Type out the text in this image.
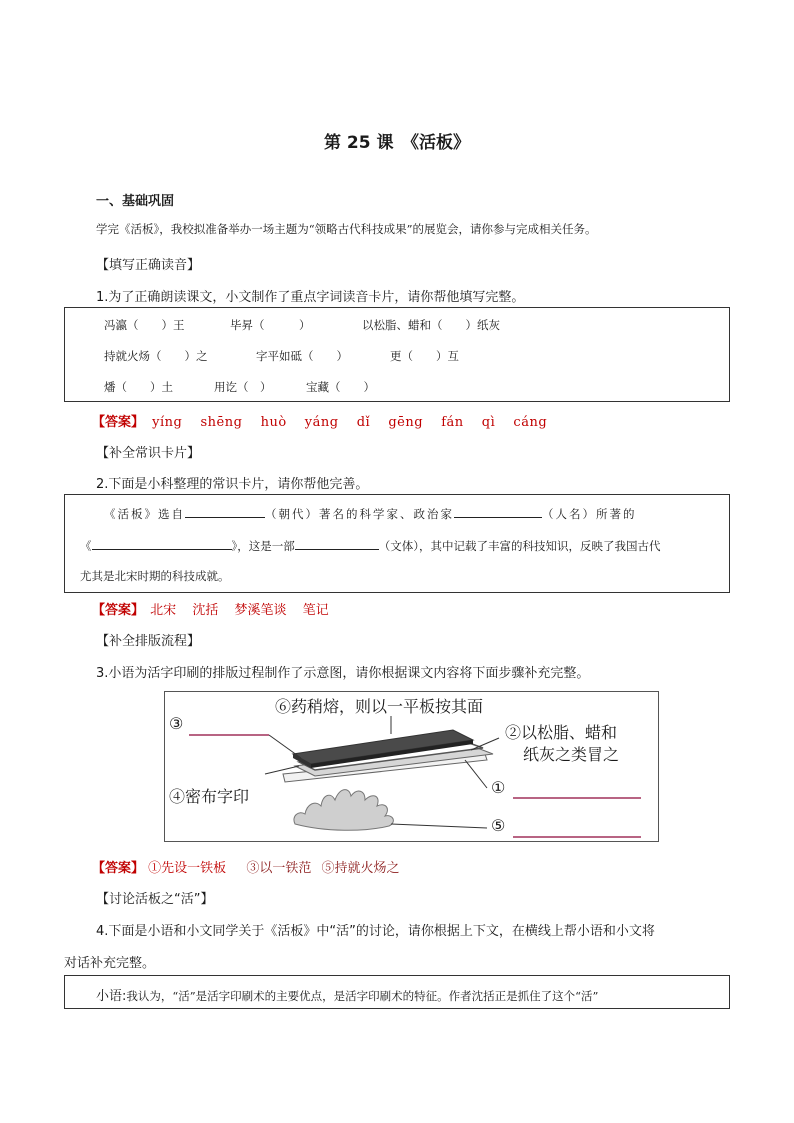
第 25 课　《活板》
一、基础巩固
学完《活板》，我校拟准备举办一场主题为“领略古代科技成果”的展览会，请你参与完成相关任务。
【填写正确读音】
1.为了正确朗读课文，小文制作了重点字词读音卡片，请你帮他填写完整。
冯瀛（　　）王	毕昇（　　　）	以松脂、蜡和（　　）纸灰
持就火炀（　　）之	字平如砥（　　）	更（　　）互
燔（　　）土	用讫（　）	宝藏（　　）
【答案】 yíng shēng huò yáng dǐ gēng fán qì cáng
【补全常识卡片】
2.下面是小科整理的常识卡片，请你帮他完善。
《活板》选自	（朝代）著名的科学家、政治家	（人名）所著的
《	》，这是一部	（文体），其中记载了丰富的科技知识，反映了我国古代
尤其是北宋时期的科技成就。
【答案】 北宋 沈括 梦溪笔谈 笔记
【补全排版流程】
3.小语为活字印刷的排版过程制作了示意图，请你根据课文内容将下面步骤补充完整。
⑥药稍熔，则以一平板按其面
③	②以松脂、蜡和
纸灰之类冒之
④密布字印	①
⑤
【答案】 ①先设一铁板 ③以一铁范 ⑤持就火炀之
【讨论活板之“活”】
4.下面是小语和小文同学关于《活板》中“活”的讨论，请你根据上下文，在横线上帮小语和小文将
对话补充完整。
小语:我认为，“活”是活字印刷术的主要优点，是活字印刷术的特征。作者沈括正是抓住了这个“活”
